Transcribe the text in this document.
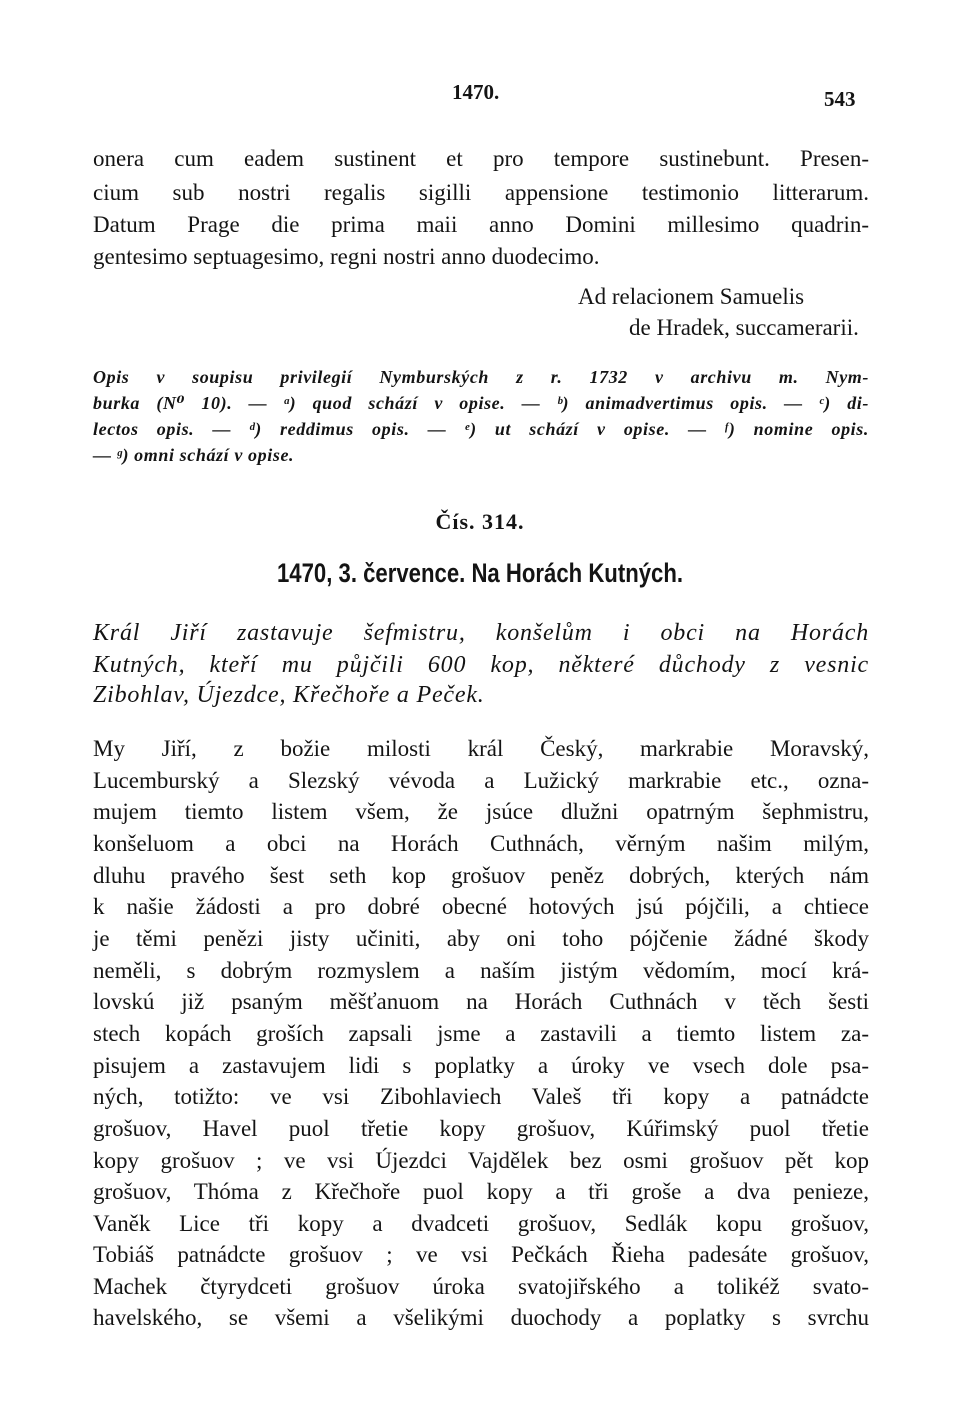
1470.	543
onera cum eadem sustinent et pro tempore sustinebunt. Presen-
cium sub nostri regalis sigilli appensione testimonio litterarum.
Datum Prage die prima maii anno Domini millesimo quadrin-
gentesimo septuagesimo, regni nostri anno duodecimo.
Ad relacionem Samuelis
de Hradek, succamerarii.
Opis v soupisu privilegií Nymburských z r. 1732 v archivu m. Nym-
burka (N⁰ 10). — ᵃ) quod schází v opise. — ᵇ) animadvertimus opis. — ᶜ) di-
lectos opis. — ᵈ) reddimus opis. — ᵉ) ut schází v opise. — ᶠ) nomine opis.
— ᵍ) omni schází v opise.
Čís. 314.
1470, 3. července. Na Horách Kutných.
Král Jiří zastavuje šefmistru, konšelům i obci na Horách
Kutných, kteří mu půjčili 600 kop, některé důchody z vesnic
Zibohlav, Újezdce, Křečhoře a Peček.
My Jiří, z božie milosti král Český, markrabie Moravský,
Lucemburský a Slezský vévoda a Lužický markrabie etc., ozna-
mujem tiemto listem všem, že jsúce dlužni opatrným šephmistru,
konšeluom a obci na Horách Cuthnách, věrným našim milým,
dluhu pravého šest seth kop grošuov peněz dobrých, kterých nám
k našie žádosti a pro dobré obecné hotových jsú pójčili, a chtiece
je těmi penězi jisty učiniti, aby oni toho pójčenie žádné škody
neměli, s dobrým rozmyslem a naším jistým vědomím, mocí krá-
lovskú již psaným měšťanuom na Horách Cuthnách v těch šesti
stech kopách groších zapsali jsme a zastavili a tiemto listem za-
pisujem a zastavujem lidi s poplatky a úroky ve vsech dole psa-
ných, totižto: ve vsi Zibohlaviech Valeš tři kopy a patnádcte
grošuov, Havel puol třetie kopy grošuov, Kúřimský puol třetie
kopy grošuov ; ve vsi Újezdci Vajdělek bez osmi grošuov pět kop
grošuov, Thóma z Křečhoře puol kopy a tři groše a dva penieze,
Vaněk Lice tři kopy a dvadceti grošuov, Sedlák kopu grošuov,
Tobiáš patnádcte grošuov ; ve vsi Pečkách Řieha padesáte grošuov,
Machek čtyrydceti grošuov úroka svatojiřského a tolikéž svato-
havelského, se všemi a všelikými duochody a poplatky s svrchu
